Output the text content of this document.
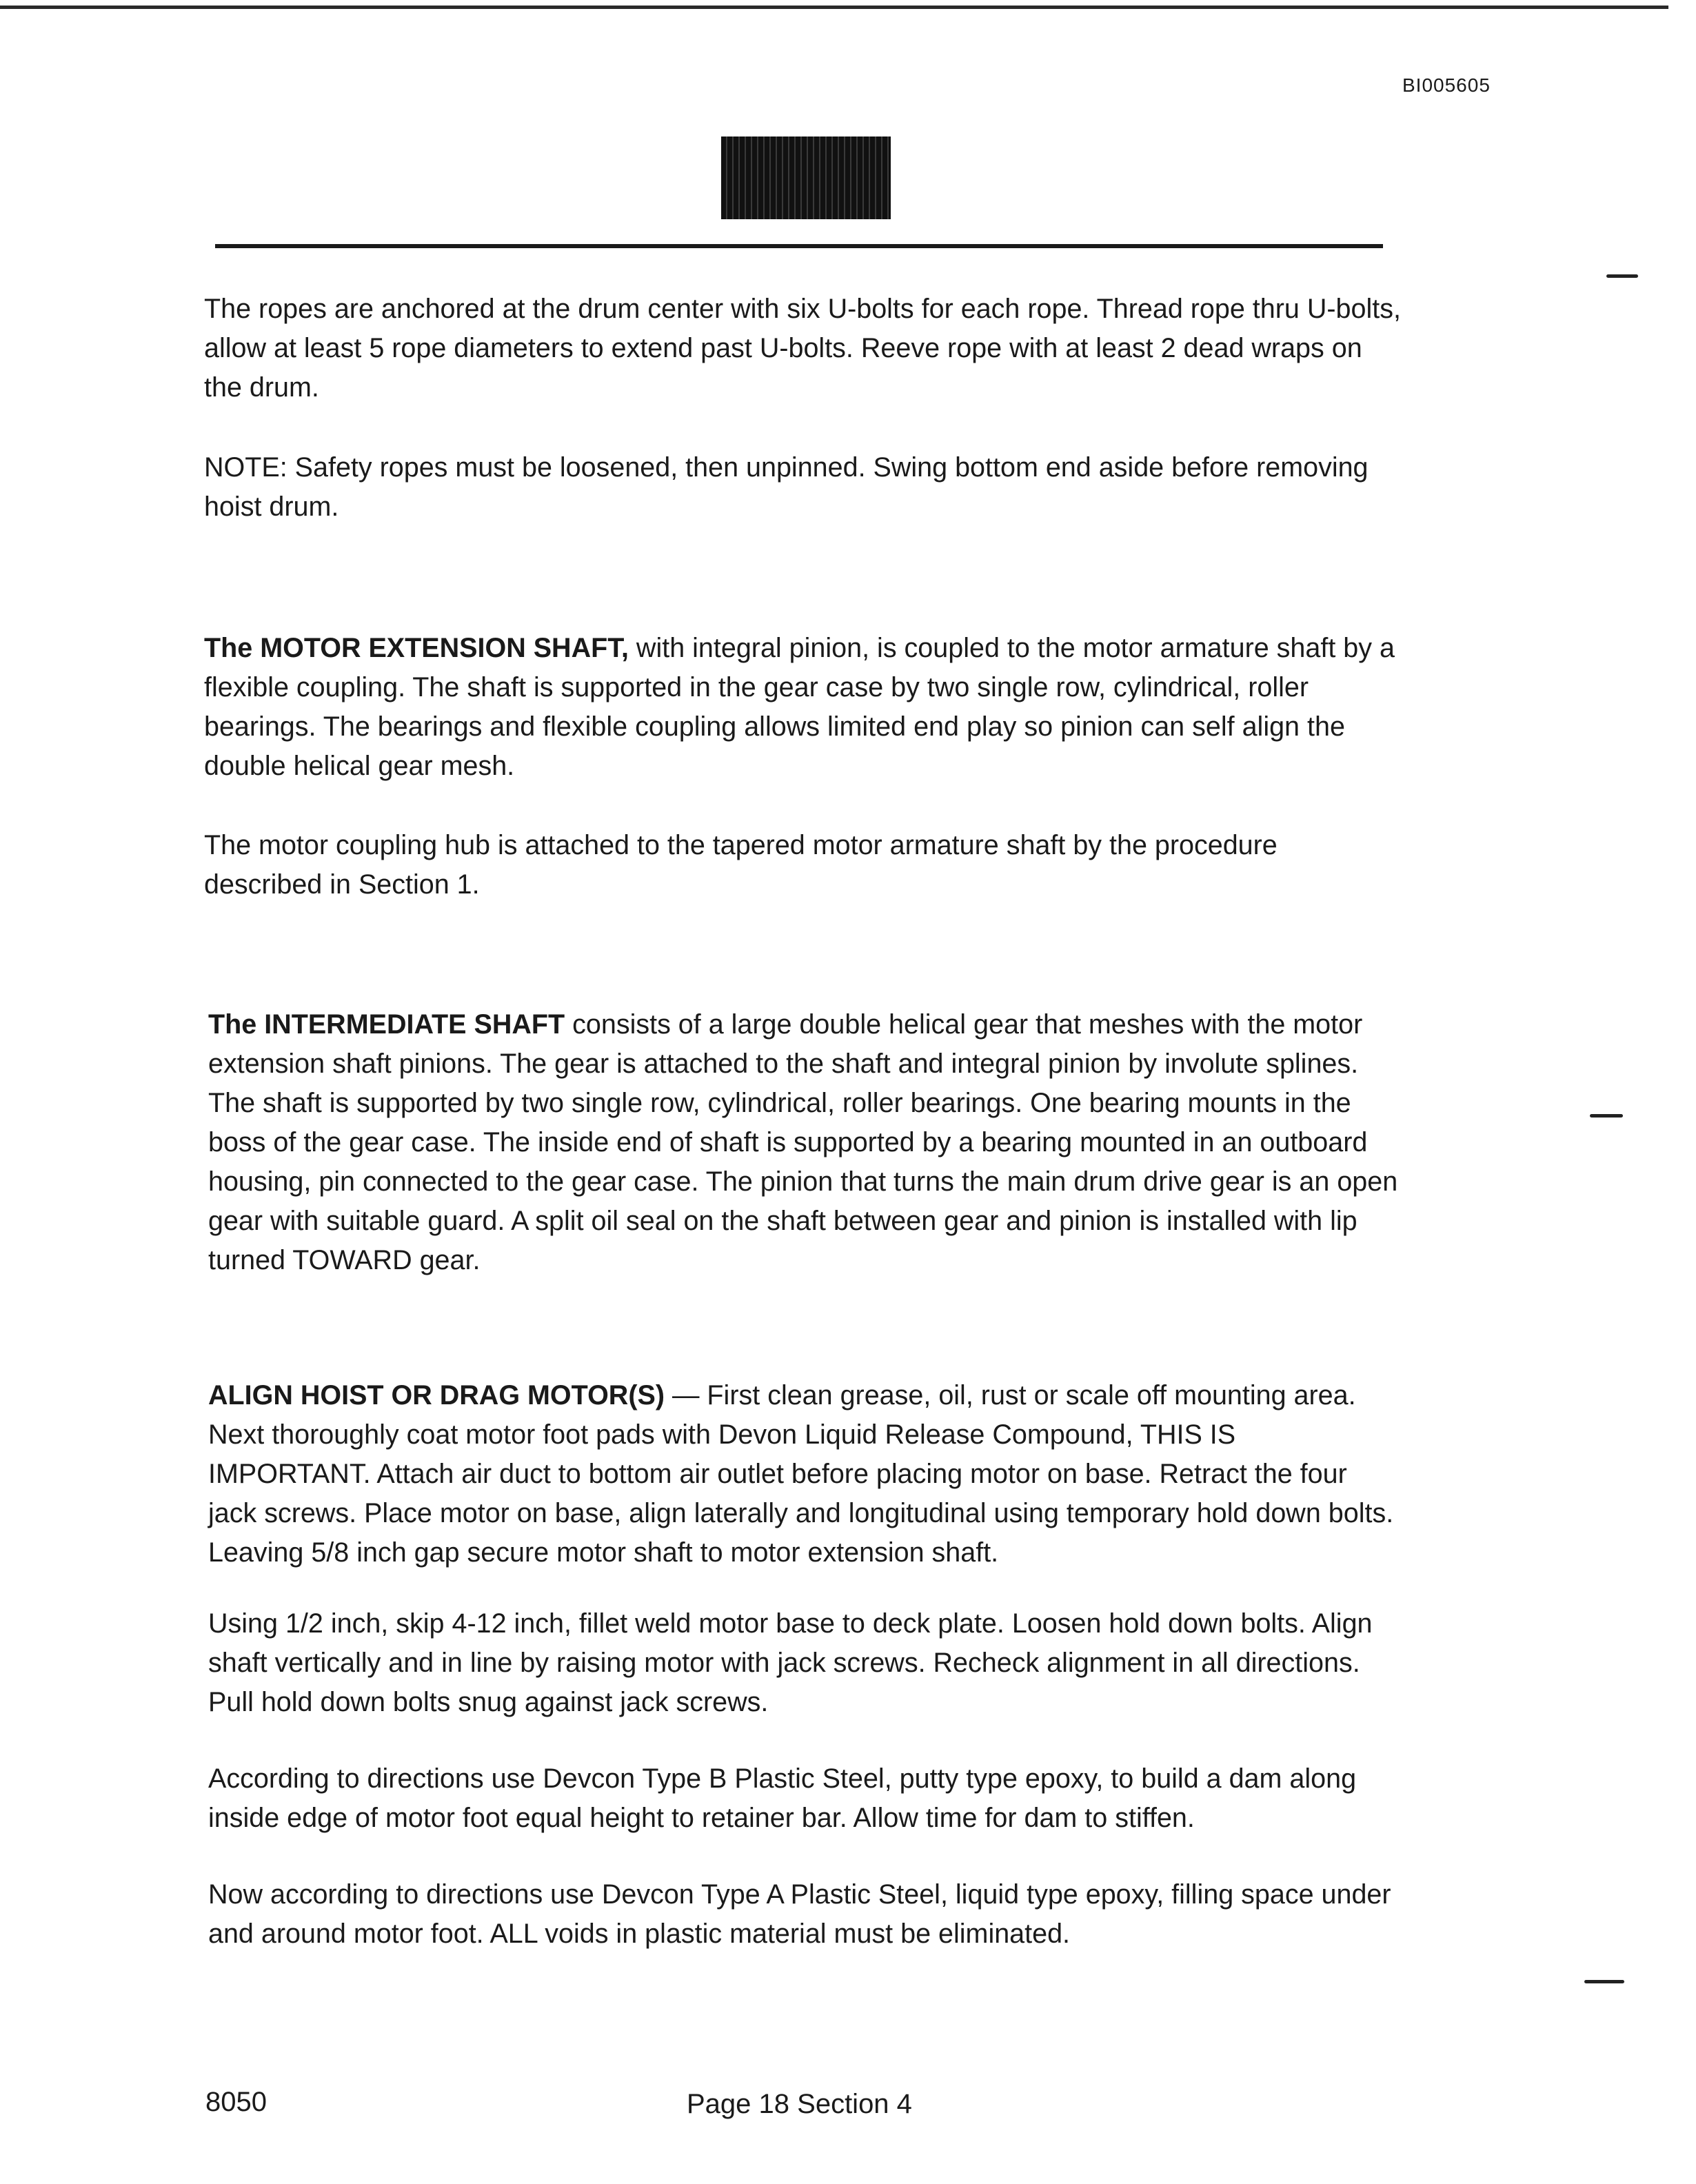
BI005605

The ropes are anchored at the drum center with six U-bolts for each rope. Thread rope thru U-bolts, allow at least 5 rope diameters to extend past U-bolts. Reeve rope with at least 2 dead wraps on the drum.

NOTE: Safety ropes must be loosened, then unpinned. Swing bottom end aside before removing hoist drum.

The MOTOR EXTENSION SHAFT, with integral pinion, is coupled to the motor armature shaft by a flexible coupling. The shaft is supported in the gear case by two single row, cylindrical, roller bearings. The bearings and flexible coupling allows limited end play so pinion can self align the double helical gear mesh.

The motor coupling hub is attached to the tapered motor armature shaft by the procedure described in Section 1.

The INTERMEDIATE SHAFT consists of a large double helical gear that meshes with the motor extension shaft pinions. The gear is attached to the shaft and integral pinion by involute splines. The shaft is supported by two single row, cylindrical, roller bearings. One bearing mounts in the boss of the gear case. The inside end of shaft is supported by a bearing mounted in an outboard housing, pin connected to the gear case. The pinion that turns the main drum drive gear is an open gear with suitable guard. A split oil seal on the shaft between gear and pinion is installed with lip turned TOWARD gear.

ALIGN HOIST OR DRAG MOTOR(S) — First clean grease, oil, rust or scale off mounting area. Next thoroughly coat motor foot pads with Devon Liquid Release Compound, THIS IS IMPORTANT. Attach air duct to bottom air outlet before placing motor on base. Retract the four jack screws. Place motor on base, align laterally and longitudinal using temporary hold down bolts. Leaving 5/8 inch gap secure motor shaft to motor extension shaft.

Using 1/2 inch, skip 4-12 inch, fillet weld motor base to deck plate. Loosen hold down bolts. Align shaft vertically and in line by raising motor with jack screws. Recheck alignment in all directions. Pull hold down bolts snug against jack screws.

According to directions use Devcon Type B Plastic Steel, putty type epoxy, to build a dam along inside edge of motor foot equal height to retainer bar. Allow time for dam to stiffen.

Now according to directions use Devcon Type A Plastic Steel, liquid type epoxy, filling space under and around motor foot. ALL voids in plastic material must be eliminated.

8050	Page 18 Section 4
